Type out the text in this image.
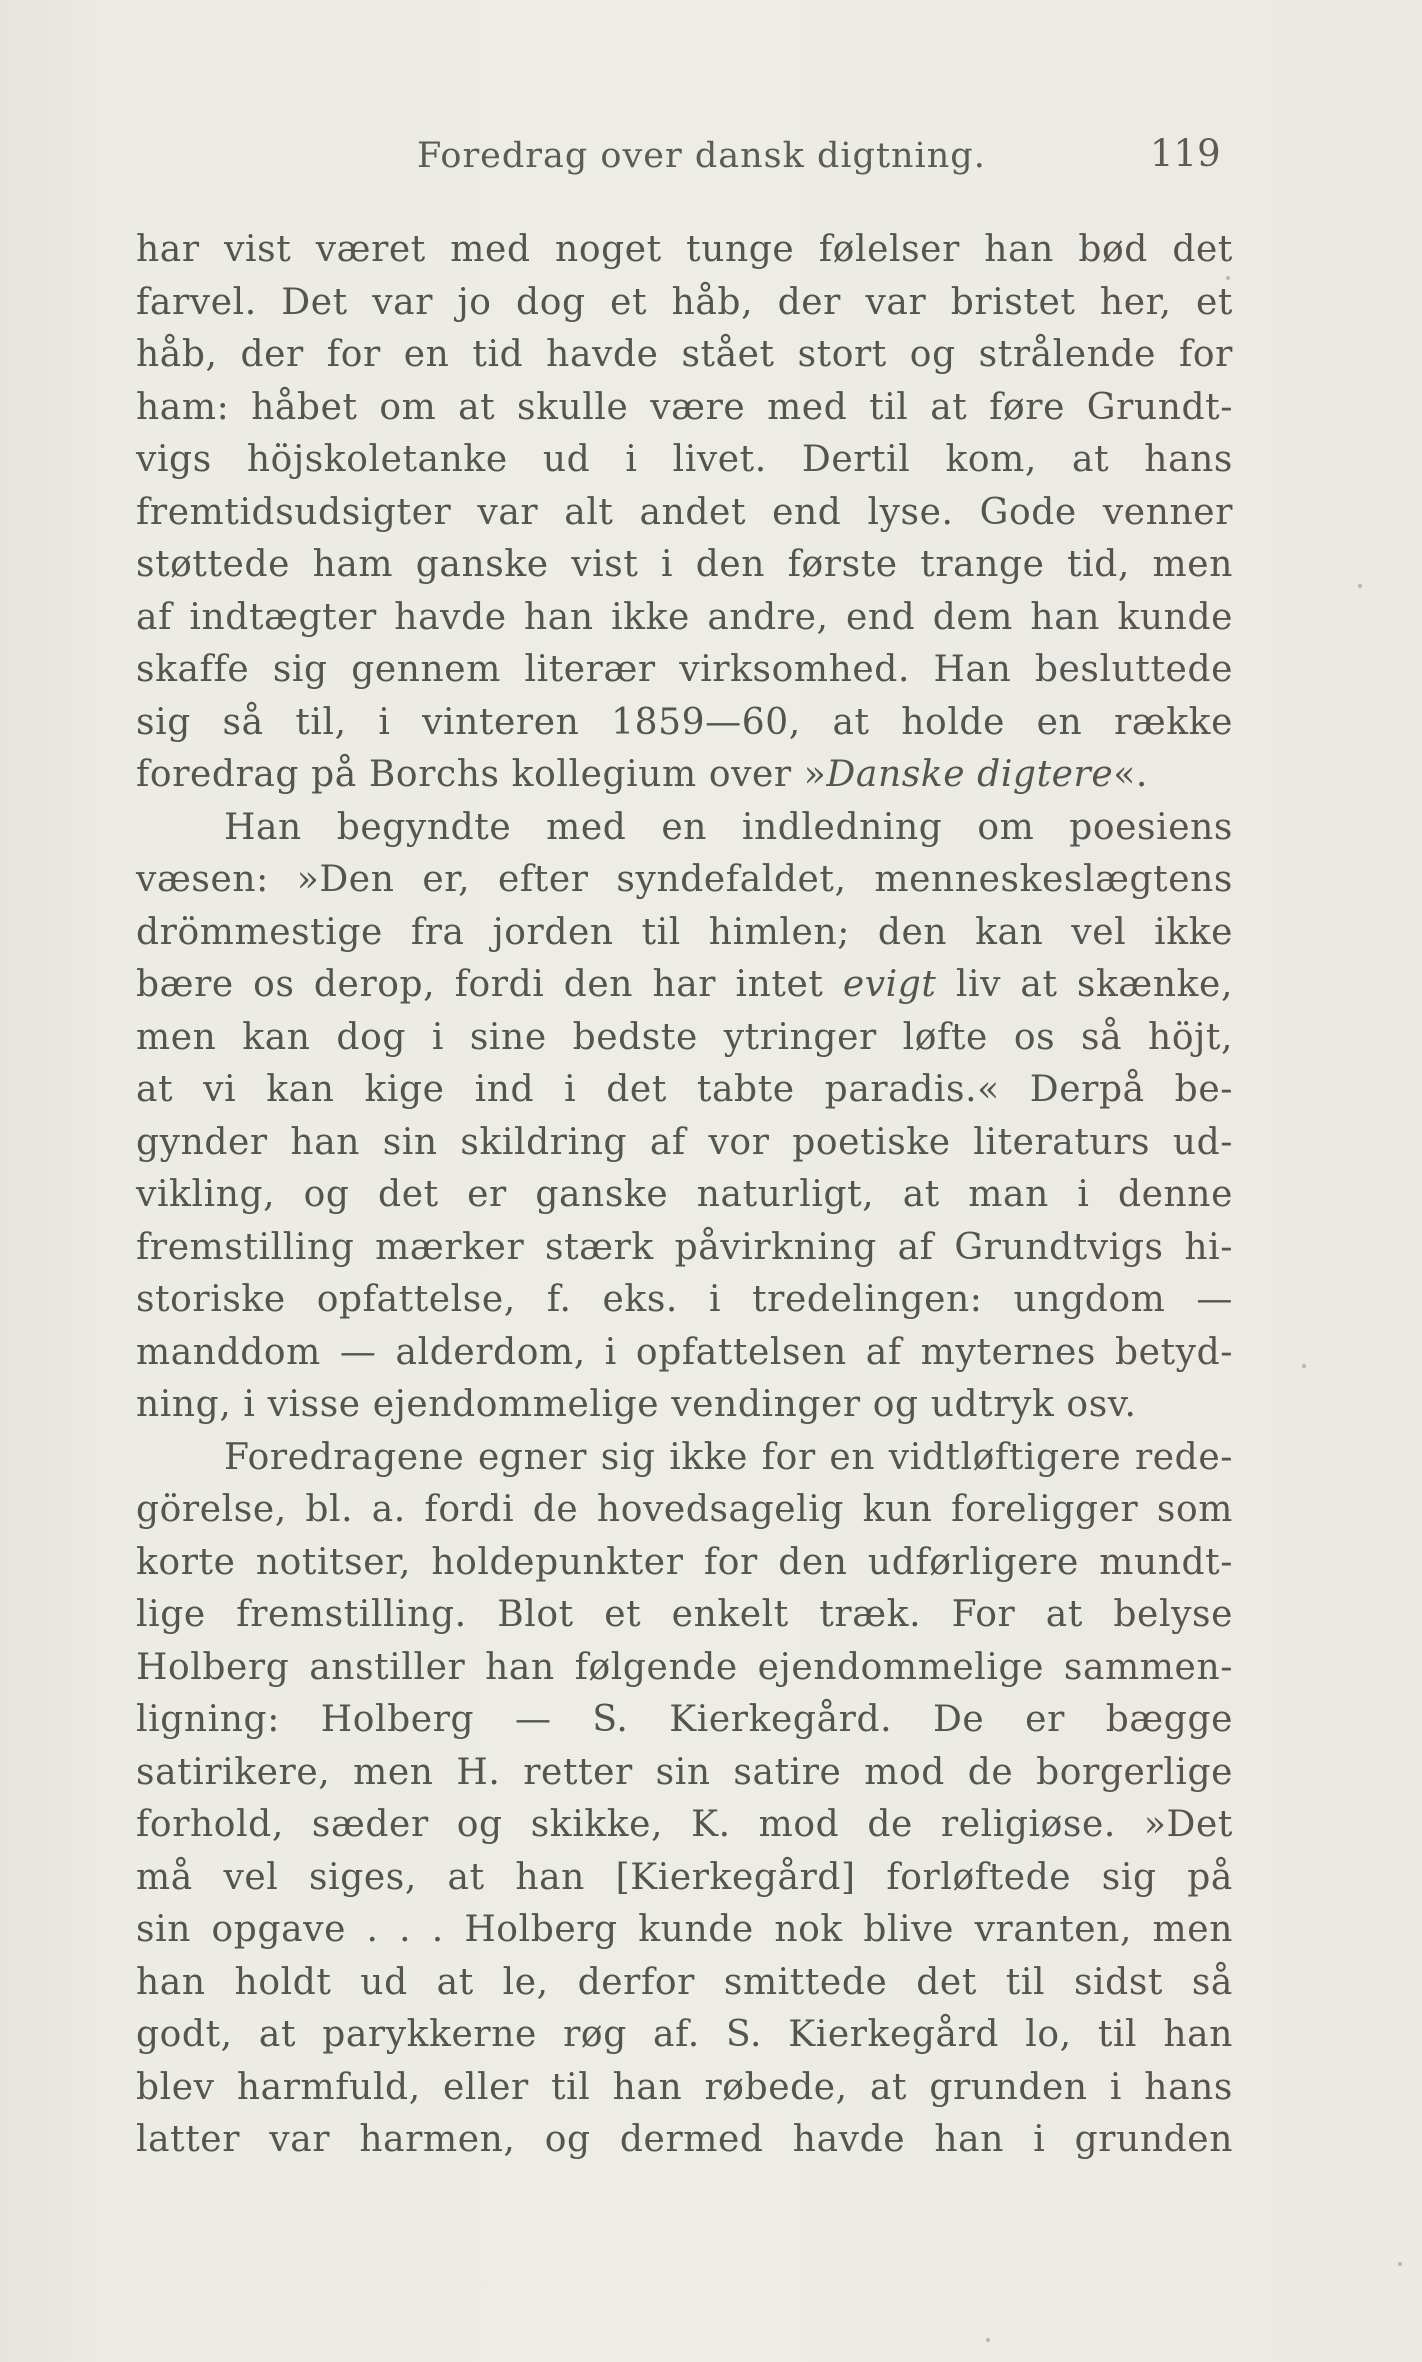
Foredrag over dansk digtning.	119
har vist været med noget tunge følelser han bød det
farvel. Det var jo dog et håb, der var bristet her, et
håb, der for en tid havde stået stort og strålende for
ham: håbet om at skulle være med til at føre Grundt-
vigs höjskoletanke ud i livet. Dertil kom, at hans
fremtidsudsigter var alt andet end lyse. Gode venner
støttede ham ganske vist i den første trange tid, men
af indtægter havde han ikke andre, end dem han kunde
skaffe sig gennem literær virksomhed. Han besluttede
sig så til, i vinteren 1859—60, at holde en række
foredrag på Borchs kollegium over »Danske digtere«.
Han begyndte med en indledning om poesiens
væsen: »Den er, efter syndefaldet, menneskeslægtens
drömmestige fra jorden til himlen; den kan vel ikke
bære os derop, fordi den har intet evigt liv at skænke,
men kan dog i sine bedste ytringer løfte os så höjt,
at vi kan kige ind i det tabte paradis.« Derpå be-
gynder han sin skildring af vor poetiske literaturs ud-
vikling, og det er ganske naturligt, at man i denne
fremstilling mærker stærk påvirkning af Grundtvigs hi-
storiske opfattelse, f. eks. i tredelingen: ungdom —
manddom — alderdom, i opfattelsen af myternes betyd-
ning, i visse ejendommelige vendinger og udtryk osv.
Foredragene egner sig ikke for en vidtløftigere rede-
görelse, bl. a. fordi de hovedsagelig kun foreligger som
korte notitser, holdepunkter for den udførligere mundt-
lige fremstilling. Blot et enkelt træk. For at belyse
Holberg anstiller han følgende ejendommelige sammen-
ligning: Holberg — S. Kierkegård. De er bægge
satirikere, men H. retter sin satire mod de borgerlige
forhold, sæder og skikke, K. mod de religiøse. »Det
må vel siges, at han [Kierkegård] forløftede sig på
sin opgave . . . Holberg kunde nok blive vranten, men
han holdt ud at le, derfor smittede det til sidst så
godt, at parykkerne røg af. S. Kierkegård lo, til han
blev harmfuld, eller til han røbede, at grunden i hans
latter var harmen, og dermed havde han i grunden
